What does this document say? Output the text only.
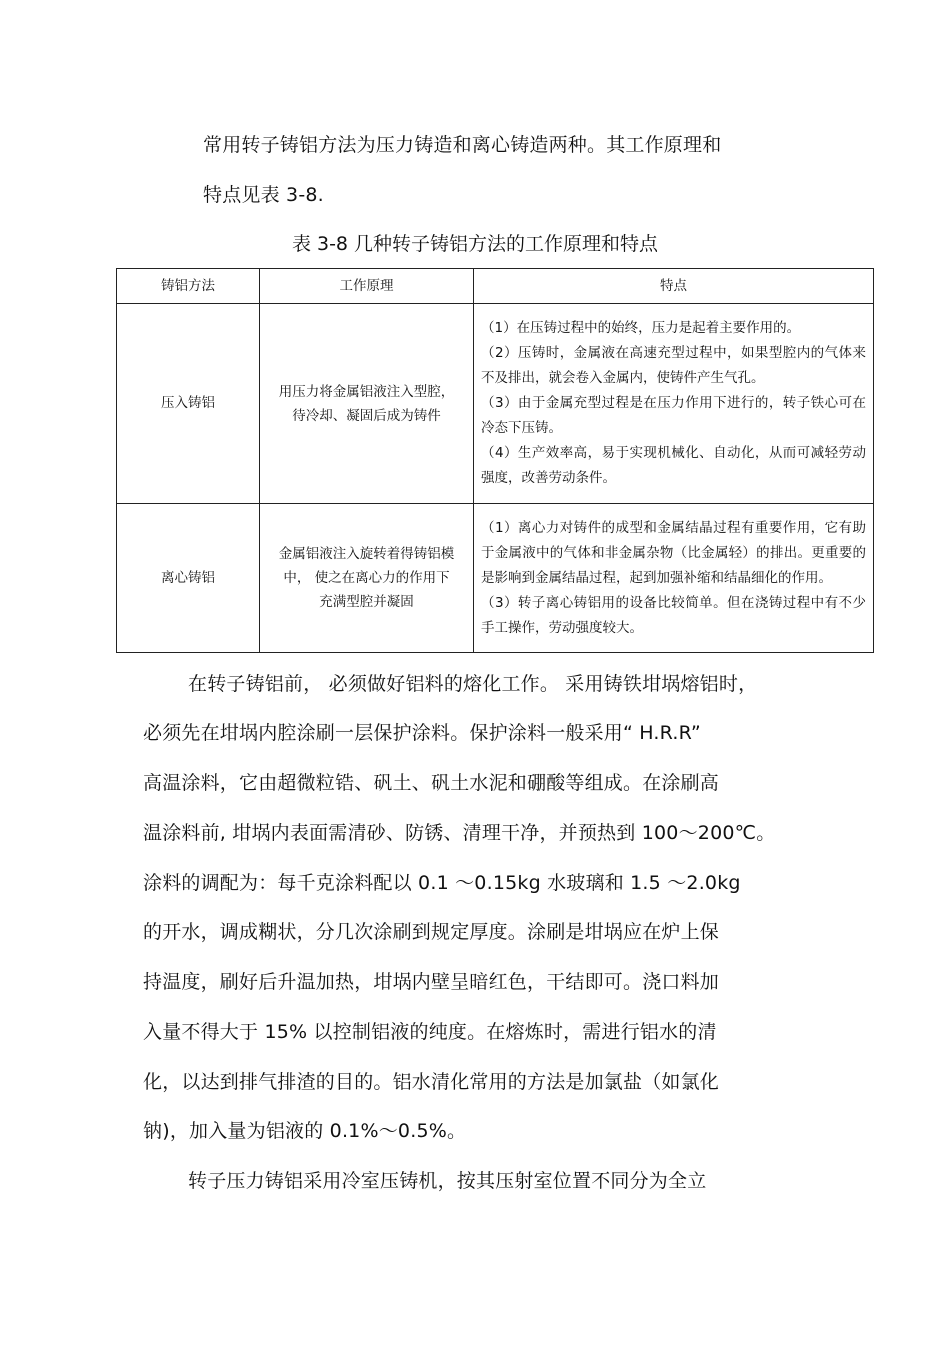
常用转子铸铝方法为压力铸造和离心铸造两种。其工作原理和
特点见表 3-8.
表 3-8 几种转子铸铝方法的工作原理和特点
铸铝方法	工作原理	特点
压入铸铝	用压力将金属铝液注入型腔，待冷却、凝固后成为铸件	（1）在压铸过程中的始终，压力是起着主要作用的。
（2）压铸时，金属液在高速充型过程中，如果型腔内的气体来不及排出，就会卷入金属内，使铸件产生气孔。
（3）由于金属充型过程是在压力作用下进行的，转子铁心可在冷态下压铸。
（4）生产效率高，易于实现机械化、自动化，从而可减轻劳动强度，改善劳动条件。

离心铸铝	金属铝液注入旋转着得铸铝模中， 使之在离心力的作用下充满型腔并凝固	（1）离心力对铸件的成型和金属结晶过程有重要作用，它有助于金属液中的气体和非金属杂物（比金属轻）的排出。更重要的是影响到金属结晶过程，起到加强补缩和结晶细化的作用。
（3）转子离心铸铝用的设备比较简单。但在浇铸过程中有不少手工操作，劳动强度较大。
在转子铸铝前， 必须做好铝料的熔化工作。 采用铸铁坩埚熔铝时，
必须先在坩埚内腔涂刷一层保护涂料。保护涂料一般采用“ H.R.R”
高温涂料，它由超微粒锆、矾土、矾土水泥和硼酸等组成。在涂刷高
温涂料前, 坩埚内表面需清砂、防锈、清理干净，并预热到 100～200℃。
涂料的调配为：每千克涂料配以 0.1 ～0.15kg 水玻璃和 1.5 ～2.0kg
的开水，调成糊状，分几次涂刷到规定厚度。涂刷是坩埚应在炉上保
持温度，刷好后升温加热，坩埚内壁呈暗红色，干结即可。浇口料加
入量不得大于 15% 以控制铝液的纯度。在熔炼时，需进行铝水的清
化，以达到排气排渣的目的。铝水清化常用的方法是加氯盐（如氯化
钠)，加入量为铝液的 0.1%～0.5%。
转子压力铸铝采用冷室压铸机，按其压射室位置不同分为全立
